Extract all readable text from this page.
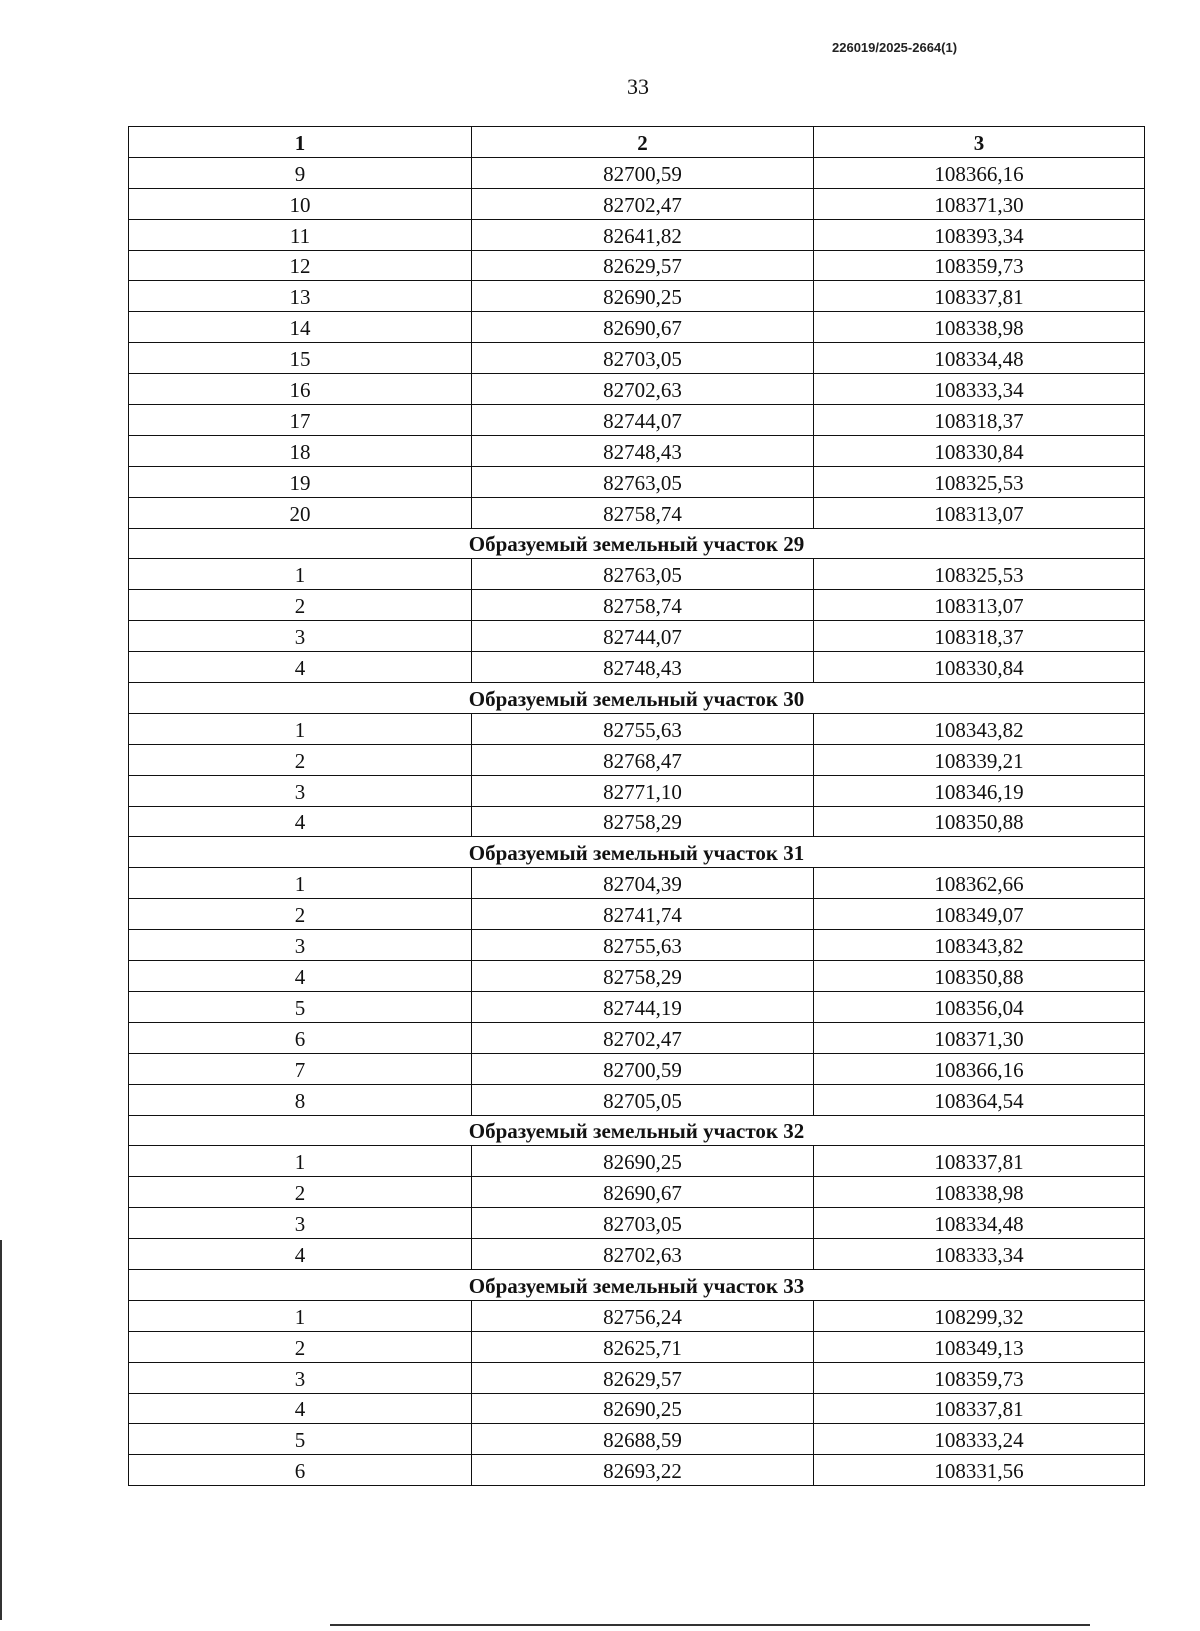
226019/2025-2664(1)
33
1	2	3
9	82700,59	108366,16
10	82702,47	108371,30
11	82641,82	108393,34
12	82629,57	108359,73
13	82690,25	108337,81
14	82690,67	108338,98
15	82703,05	108334,48
16	82702,63	108333,34
17	82744,07	108318,37
18	82748,43	108330,84
19	82763,05	108325,53
20	82758,74	108313,07
Образуемый земельный участок 29		
1	82763,05	108325,53
2	82758,74	108313,07
3	82744,07	108318,37
4	82748,43	108330,84
Образуемый земельный участок 30		
1	82755,63	108343,82
2	82768,47	108339,21
3	82771,10	108346,19
4	82758,29	108350,88
Образуемый земельный участок 31		
1	82704,39	108362,66
2	82741,74	108349,07
3	82755,63	108343,82
4	82758,29	108350,88
5	82744,19	108356,04
6	82702,47	108371,30
7	82700,59	108366,16
8	82705,05	108364,54
Образуемый земельный участок 32		
1	82690,25	108337,81
2	82690,67	108338,98
3	82703,05	108334,48
4	82702,63	108333,34
Образуемый земельный участок 33		
1	82756,24	108299,32
2	82625,71	108349,13
3	82629,57	108359,73
4	82690,25	108337,81
5	82688,59	108333,24
6	82693,22	108331,56
